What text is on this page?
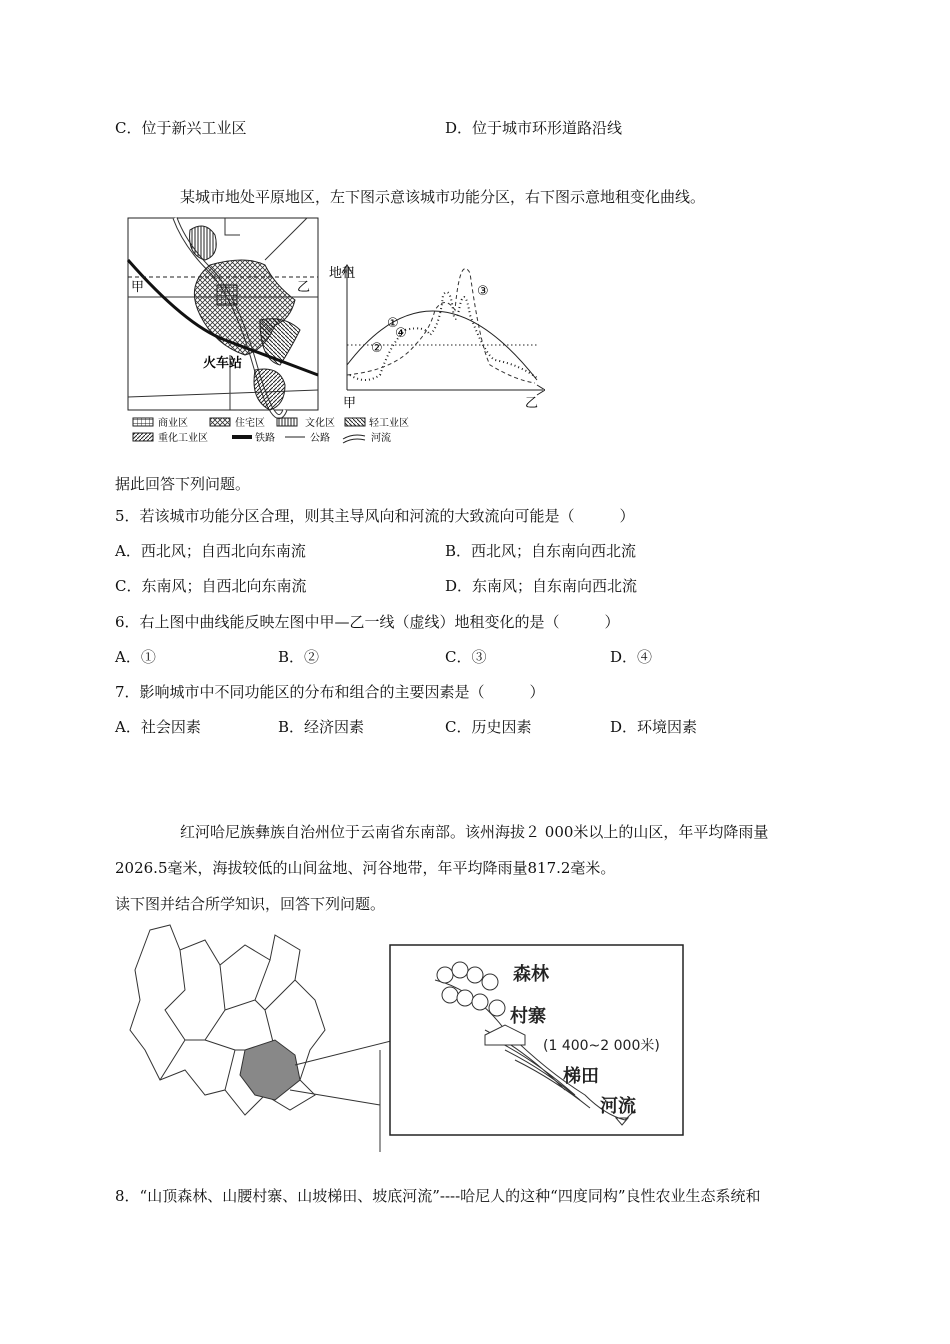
C．位于新兴工业区	D．位于城市环形道路沿线
某城市地处平原地区，左下图示意该城市功能分区，右下图示意地租变化曲线。
甲	乙
火车站
地租
甲	乙
①
②
③
④
商业区	住宅区	文化区	轻工业区
重化工业区	铁路	公路	河流
据此回答下列问题。
5．若该城市功能分区合理，则其主导风向和河流的大致流向可能是（　　　）
A．西北风；自西北向东南流	B．西北风；自东南向西北流
C．东南风；自西北向东南流	D．东南风；自东南向西北流
6．右上图中曲线能反映左图中甲—乙一线（虚线）地租变化的是（　　　）
A．①	B．②	C．③	D．④
7．影响城市中不同功能区的分布和组合的主要因素是（　　　）
A．社会因素	B．经济因素	C．历史因素	D．环境因素
红河哈尼族彝族自治州位于云南省东南部。该州海拔２ 000米以上的山区，年平均降雨量
2026.5毫米，海拔较低的山间盆地、河谷地带，年平均降雨量817.2毫米。
读下图并结合所学知识，回答下列问题。
森林
村寨
(1 400~2 000米)
梯田
河流
8．“山顶森林、山腰村寨、山坡梯田、坡底河流”----哈尼人的这种“四度同构”良性农业生态系统和
